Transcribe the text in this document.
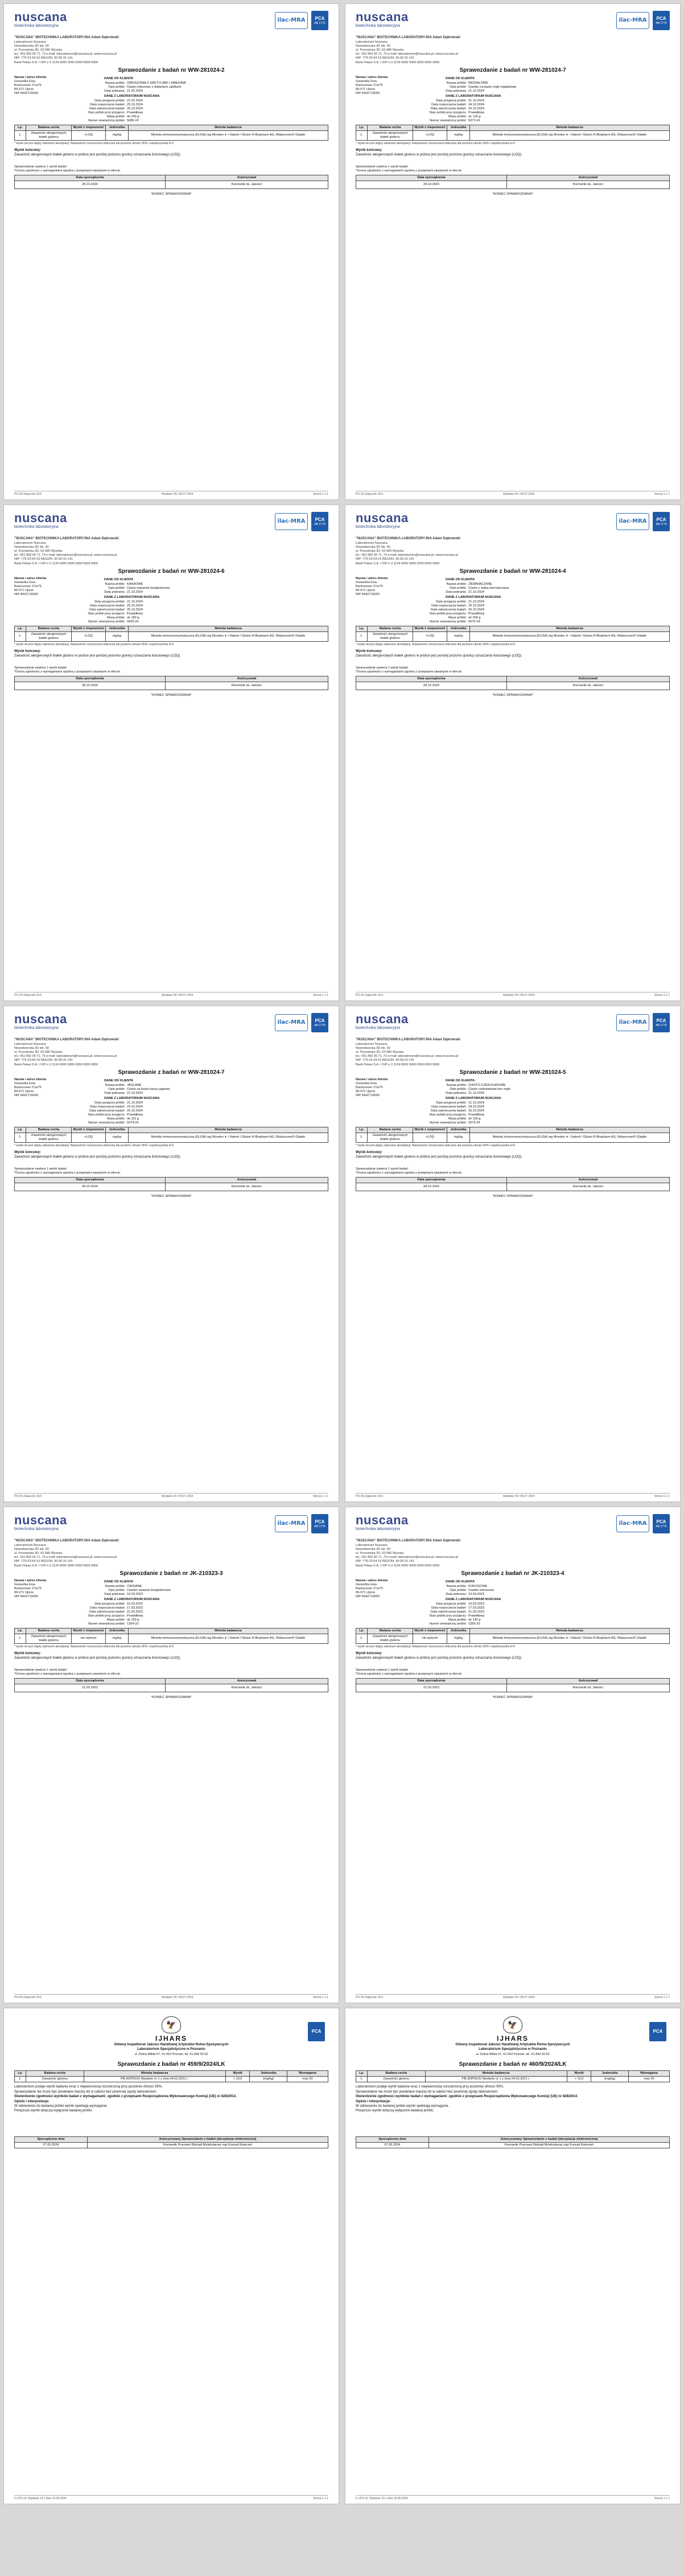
nuscana
biotechnika laboratoryjna
ilac-MRA	PCA
AB 1779
"NUSCANA" BIOTECHNIKA LABORATORYJNA Adam Dąbrowski
Laboratorium Nuscana
Nowodworska 3D lok. 60
ul. Poznańska 3D, 62-080 Wysoka
tel.: 061 892 00 71, 73 e-mail: laboratorium@nuscana.pl, www.nuscana.pl
NIP: 779-23-64-15 REGON: 30-00-31-141
Bank Pekao S.A. I O/P-n 3 1124 6000 0000 0000 0000 0000
Sprawozdanie z badań nr WW-281024-2
Nazwa i adres klienta
Gwiazdka Ewa
Bartoszewo 27a/75
89-071 Ujście
NIP 8442716690
DANE OD KLIENTA
Nazwa próbki: ORKISZOWA Z DAKTYLAMI I JABŁKAMI
Opis próbki: Ciasto orkiszowe z daktylami, jabłkami
Data pobrania: 21.02.2024
DANE Z LABORATORIUM NUSCANA
Data przyjęcia próbki: 21.02.2024
Data rozpoczęcia badań: 25.10.2024
Data zakończenia badań: 25.10.2024
Stan próbki przy przyjęciu: Prawidłowy
Masa próbki: ok 290 g
Numer zewnętrzny próbki: 5086-24
Lp.	Badana cecha	Wynik ± niepewność	Jednostka	Metoda badawcza
1.	Zawartość alergenowych białek glutenu	<LOQ	mg/kg	Metoda immunoenzymatyczna (ELISA) wg Morales ∗ i Valenti / Gluten R-Biopharm AG, Ridascreen® Gliadin
* wynik nie jest objęty zakresem akredytacji. Niepewność rozszerzona obliczona dla poziomu ufności 95% i współczynnika k=2.
Wynik końcowy:
Zawartość alergenowych białek glutenu w próbce jest poniżej poziomu granicy oznaczania ilościowego (LOQ).
Sprawozdanie zawiera 1 wynik badań
*Ocena zgodności z wymaganiami zgodna z przepisami zawartymi w ofercie.
Data sporządzenia	Autoryzował
28.10.2024	Kierownik ds. Jakości
*KONIEC SPRAWOZDANIA*
PO-03 Załącznik 18.6	Wydanie 04 / 08.07.2024	Strona 1 z 1
nuscana
biotechnika laboratoryjna
ilac-MRA	PCA
AB 1779
"NUSCANA" BIOTECHNIKA LABORATORYJNA Adam Dąbrowski
Laboratorium Nuscana
Nowodworska 3D lok. 60
ul. Poznańska 3D, 62-080 Wysoka
tel.: 061 892 00 71, 73 e-mail: laboratorium@nuscana.pl, www.nuscana.pl
NIP: 779-23-64-15 REGON: 30-00-31-141
Bank Pekao S.A. I O/P-n 3 1124 6000 0000 0000 0000 0000
Sprawozdanie z badań nr WW-281024-7
Nazwa i adres klienta
Gwiazdka Ewa
Bartoszewo 27a/75
89-071 Ujście
NIP 8442716690
DANE OD KLIENTA
Nazwa próbki: MIGDAŁOWE
Opis próbki: Ciastko na bazie mąki migdałowej
Data pobrania: 21.10.2024
DANE Z LABORATORIUM NUSCANA
Data przyjęcia próbki: 21.10.2024
Data rozpoczęcia badań: 24.10.2024
Data zakończenia badań: 25.10.2024
Stan próbki przy przyjęciu: Prawidłowy
Masa próbki: ok 120 g
Numer zewnętrzny próbki: 5072-24
Lp.	Badana cecha	Wynik ± niepewność	Jednostka	Metoda badawcza
1.	Zawartość alergenowych białek glutenu	<LOQ	mg/kg	Metoda immunoenzymatyczna (ELISA) wg Morales ∗ i Valenti / Gluten R-Biopharm AG, Ridascreen® Gliadin
* wynik nie jest objęty zakresem akredytacji. Niepewność rozszerzona obliczona dla poziomu ufności 95% i współczynnika k=2.
Wynik końcowy:
Zawartość alergenowych białek glutenu w próbce jest poniżej poziomu granicy oznaczania ilościowego (LOQ).
Sprawozdanie zawiera 1 wynik badań
*Ocena zgodności z wymaganiami zgodna z przepisami zawartymi w ofercie.
Data sporządzenia	Autoryzował
28.10.2024	Kierownik ds. Jakości
*KONIEC SPRAWOZDANIA*
PO-03 Załącznik 18.6	Wydanie 04 / 08.07.2024	Strona 1 z 1
nuscana
biotechnika laboratoryjna
ilac-MRA	PCA
AB 1779
"NUSCANA" BIOTECHNIKA LABORATORYJNA Adam Dąbrowski
Laboratorium Nuscana
Nowodworska 3D lok. 60
ul. Poznańska 3D, 62-080 Wysoka
tel.: 061 892 00 71, 73 e-mail: laboratorium@nuscana.pl, www.nuscana.pl
NIP: 779-23-64-15 REGON: 30-00-31-141
Bank Pekao S.A. I O/P-n 3 1124 6000 0000 0000 0000 0000
Sprawozdanie z badań nr WW-281024-6
Nazwa i adres klienta
Gwiazdka Ewa
Bartoszewo 27a/75
89-071 Ujście
NIP 8442716690
DANE OD KLIENTA
Nazwa próbki: KAKAOWE
Opis próbki: Ciasto kakaowe bezglutenowe
Data pobrania: 21.10.2024
DANE Z LABORATORIUM NUSCANA
Data przyjęcia próbki: 21.10.2024
Data rozpoczęcia badań: 25.10.2024
Data zakończenia badań: 25.10.2024
Stan próbki przy przyjęciu: Prawidłowy
Masa próbki: ok 180 g
Numer zewnętrzny próbki: 5069-24
Lp.	Badana cecha	Wynik ± niepewność	Jednostka	Metoda badawcza
1.	Zawartość alergenowych białek glutenu	<LOQ	mg/kg	Metoda immunoenzymatyczna (ELISA) wg Morales ∗ i Valenti / Gluten R-Biopharm AG, Ridascreen® Gliadin
* wynik nie jest objęty zakresem akredytacji. Niepewność rozszerzona obliczona dla poziomu ufności 95% i współczynnika k=2.
Wynik końcowy:
Zawartość alergenowych białek glutenu w próbce jest poniżej poziomu granicy oznaczania ilościowego (LOQ).
Sprawozdanie zawiera 1 wynik badań
*Ocena zgodności z wymaganiami zgodna z przepisami zawartymi w ofercie.
Data sporządzenia	Autoryzował
28.10.2024	Kierownik ds. Jakości
*KONIEC SPRAWOZDANIA*
PO-03 Załącznik 18.6	Wydanie 04 / 08.07.2024	Strona 1 z 1
nuscana
biotechnika laboratoryjna
ilac-MRA	PCA
AB 1779
"NUSCANA" BIOTECHNIKA LABORATORYJNA Adam Dąbrowski
Laboratorium Nuscana
Nowodworska 3D lok. 60
ul. Poznańska 3D, 62-080 Wysoka
tel.: 061 892 00 71, 73 e-mail: laboratorium@nuscana.pl, www.nuscana.pl
NIP: 779-23-64-15 REGON: 30-00-31-141
Bank Pekao S.A. I O/P-n 3 1124 6000 0000 0000 0000 0000
Sprawozdanie z badań nr WW-281024-4
Nazwa i adres klienta
Gwiazdka Ewa
Bartoszewo 27a/75
89-071 Ujście
NIP 8442716690
DANE OD KLIENTA
Nazwa próbki: ZIEMNIACZANE
Opis próbki: Ciasto z mąką ziemniaczaną
Data pobrania: 21.10.2024
DANE Z LABORATORIUM NUSCANA
Data przyjęcia próbki: 21.10.2024
Data rozpoczęcia badań: 25.10.2024
Data zakończenia badań: 25.10.2024
Stan próbki przy przyjęciu: Prawidłowy
Masa próbki: ok 200 g
Numer zewnętrzny próbki: 5076-24
Lp.	Badana cecha	Wynik ± niepewność	Jednostka	Metoda badawcza
1.	Zawartość alergenowych białek glutenu	<LOQ	mg/kg	Metoda immunoenzymatyczna (ELISA) wg Morales ∗ i Valenti / Gluten R-Biopharm AG, Ridascreen® Gliadin
* wynik nie jest objęty zakresem akredytacji. Niepewność rozszerzona obliczona dla poziomu ufności 95% i współczynnika k=2.
Wynik końcowy:
Zawartość alergenowych białek glutenu w próbce jest poniżej poziomu granicy oznaczania ilościowego (LOQ).
Sprawozdanie zawiera 1 wynik badań
*Ocena zgodności z wymaganiami zgodna z przepisami zawartymi w ofercie.
Data sporządzenia	Autoryzował
28.10.2024	Kierownik ds. Jakości
*KONIEC SPRAWOZDANIA*
PO-03 Załącznik 18.6	Wydanie 04 / 08.07.2024	Strona 1 z 1
nuscana
biotechnika laboratoryjna
ilac-MRA	PCA
AB 1779
"NUSCANA" BIOTECHNIKA LABORATORYJNA Adam Dąbrowski
Laboratorium Nuscana
Nowodworska 3D lok. 60
ul. Poznańska 3D, 62-080 Wysoka
tel.: 061 892 00 71, 73 e-mail: laboratorium@nuscana.pl, www.nuscana.pl
NIP: 779-23-64-15 REGON: 30-00-31-141
Bank Pekao S.A. I O/P-n 3 1124 6000 0000 0000 0000 0000
Sprawozdanie z badań nr WW-281024-7
Nazwa i adres klienta
Gwiazdka Ewa
Bartoszewo 27a/75
89-071 Ujście
NIP 8442716690
DANE OD KLIENTA
Nazwa próbki: JAGLANE
Opis próbki: Ciasto na bazie kaszy jaglanej
Data pobrania: 21.10.2024
DANE Z LABORATORIUM NUSCANA
Data przyjęcia próbki: 21.10.2024
Data rozpoczęcia badań: 24.10.2024
Data zakończenia badań: 25.10.2024
Stan próbki przy przyjęciu: Prawidłowy
Masa próbki: ok 110 g
Numer zewnętrzny próbki: 5074-24
Lp.	Badana cecha	Wynik ± niepewność	Jednostka	Metoda badawcza
1.	Zawartość alergenowych białek glutenu	<LOQ	mg/kg	Metoda immunoenzymatyczna (ELISA) wg Morales ∗ i Valenti / Gluten R-Biopharm AG, Ridascreen® Gliadin
* wynik nie jest objęty zakresem akredytacji. Niepewność rozszerzona obliczona dla poziomu ufności 95% i współczynnika k=2.
Wynik końcowy:
Zawartość alergenowych białek glutenu w próbce jest poniżej poziomu granicy oznaczania ilościowego (LOQ).
Sprawozdanie zawiera 1 wynik badań
*Ocena zgodności z wymaganiami zgodna z przepisami zawartymi w ofercie.
Data sporządzenia	Autoryzował
28.10.2024	Kierownik ds. Jakości
*KONIEC SPRAWOZDANIA*
PO-03 Załącznik 18.6	Wydanie 04 / 08.07.2024	Strona 1 z 1
nuscana
biotechnika laboratoryjna
ilac-MRA	PCA
AB 1779
"NUSCANA" BIOTECHNIKA LABORATORYJNA Adam Dąbrowski
Laboratorium Nuscana
Nowodworska 3D lok. 60
ul. Poznańska 3D, 62-080 Wysoka
tel.: 061 892 00 71, 73 e-mail: laboratorium@nuscana.pl, www.nuscana.pl
NIP: 779-23-64-15 REGON: 30-00-31-141
Bank Pekao S.A. I O/P-n 3 1124 6000 0000 0000 0000 0000
Sprawozdanie z badań nr WW-281024-5
Nazwa i adres klienta
Gwiazdka Ewa
Bartoszewo 27a/75
89-071 Ujście
NIP 8442716690
DANE OD KLIENTA
Nazwa próbki: CIASTO CZEKOLADOWE
Opis próbki: Ciasto czekoladowe bez mąki
Data pobrania: 21.10.2024
DANE Z LABORATORIUM NUSCANA
Data przyjęcia próbki: 21.10.2024
Data rozpoczęcia badań: 24.10.2024
Data zakończenia badań: 25.10.2024
Stan próbki przy przyjęciu: Prawidłowy
Masa próbki: ok 130 g
Numer zewnętrzny próbki: 5075-24
Lp.	Badana cecha	Wynik ± niepewność	Jednostka	Metoda badawcza
1.	Zawartość alergenowych białek glutenu	<LOQ	mg/kg	Metoda immunoenzymatyczna (ELISA) wg Morales ∗ i Valenti / Gluten R-Biopharm AG, Ridascreen® Gliadin
* wynik nie jest objęty zakresem akredytacji. Niepewność rozszerzona obliczona dla poziomu ufności 95% i współczynnika k=2.
Wynik końcowy:
Zawartość alergenowych białek glutenu w próbce jest poniżej poziomu granicy oznaczania ilościowego (LOQ).
Sprawozdanie zawiera 1 wynik badań
*Ocena zgodności z wymaganiami zgodna z przepisami zawartymi w ofercie.
Data sporządzenia	Autoryzował
28.10.2024	Kierownik ds. Jakości
*KONIEC SPRAWOZDANIA*
PO-03 Załącznik 18.6	Wydanie 04 / 08.07.2024	Strona 1 z 1
nuscana
biotechnika laboratoryjna
ilac-MRA	PCA
AB 1779
"NUSCANA" BIOTECHNIKA LABORATORYJNA Adam Dąbrowski
Laboratorium Nuscana
Nowodworska 3D lok. 60
ul. Poznańska 3D, 62-080 Wysoka
tel.: 061 892 00 71, 73 e-mail: laboratorium@nuscana.pl, www.nuscana.pl
NIP: 779-23-64-15 REGON: 30-00-31-141
Bank Pekao S.A. I O/P-n 3 1124 6000 0000 0000 0000 0000
Sprawozdanie z badań nr JK-210323-3
Nazwa i adres klienta
Gwiazdka Ewa
Bartoszewo 27a/75
89-071 Ujście
NIP 8442716690
DANE OD KLIENTA
Nazwa próbki: OWSIANE
Opis próbki: Ciastko owsiane bezglutenowe
Data pobrania: 10.03.2023
DANE Z LABORATORIUM NUSCANA
Data przyjęcia próbki: 10.03.2023
Data rozpoczęcia badań: 17.03.2023
Data zakończenia badań: 21.03.2023
Stan próbki przy przyjęciu: Prawidłowy
Masa próbki: ok 150 g
Numer zewnętrzny próbki: 1264-23
Lp.	Badana cecha	Wynik ± niepewność	Jednostka	Metoda badawcza
1.	Zawartość alergenowych białek glutenu	nie wykryto	mg/kg	Metoda immunoenzymatyczna (ELISA) wg Morales ∗ i Valenti / Gluten R-Biopharm AG, Ridascreen® Gliadin
* wynik nie jest objęty zakresem akredytacji. Niepewność rozszerzona obliczona dla poziomu ufności 95% i współczynnika k=2.
Wynik końcowy:
Zawartość alergenowych białek glutenu w próbce jest poniżej poziomu granicy oznaczania ilościowego (LOQ).
Sprawozdanie zawiera 1 wynik badań
*Ocena zgodności z wymaganiami zgodna z przepisami zawartymi w ofercie.
Data sporządzenia	Autoryzował
21.03.2023	Kierownik ds. Jakości
*KONIEC SPRAWOZDANIA*
PO-03 Załącznik 18.6	Wydanie 04 / 08.07.2024	Strona 1 z 1
nuscana
biotechnika laboratoryjna
ilac-MRA	PCA
AB 1779
"NUSCANA" BIOTECHNIKA LABORATORYJNA Adam Dąbrowski
Laboratorium Nuscana
Nowodworska 3D lok. 60
ul. Poznańska 3D, 62-080 Wysoka
tel.: 061 892 00 71, 73 e-mail: laboratorium@nuscana.pl, www.nuscana.pl
NIP: 779-23-64-15 REGON: 30-00-31-141
Bank Pekao S.A. I O/P-n 3 1124 6000 0000 0000 0000 0000
Sprawozdanie z badań nr JK-210323-4
Nazwa i adres klienta
Gwiazdka Ewa
Bartoszewo 27a/75
89-071 Ujście
NIP 8442716690
DANE OD KLIENTA
Nazwa próbki: KOKOSOWE
Opis próbki: Ciastko kokosowe
Data pobrania: 10.03.2023
DANE Z LABORATORIUM NUSCANA
Data przyjęcia próbki: 10.03.2023
Data rozpoczęcia badań: 17.03.2023
Data zakończenia badań: 21.03.2023
Stan próbki przy przyjęciu: Prawidłowy
Masa próbki: ok 140 g
Numer zewnętrzny próbki: 1265-23
Lp.	Badana cecha	Wynik ± niepewność	Jednostka	Metoda badawcza
1.	Zawartość alergenowych białek glutenu	nie wykryto	mg/kg	Metoda immunoenzymatyczna (ELISA) wg Morales ∗ i Valenti / Gluten R-Biopharm AG, Ridascreen® Gliadin
* wynik nie jest objęty zakresem akredytacji. Niepewność rozszerzona obliczona dla poziomu ufności 95% i współczynnika k=2.
Wynik końcowy:
Zawartość alergenowych białek glutenu w próbce jest poniżej poziomu granicy oznaczania ilościowego (LOQ).
Sprawozdanie zawiera 1 wynik badań
*Ocena zgodności z wymaganiami zgodna z przepisami zawartymi w ofercie.
Data sporządzenia	Autoryzował
21.03.2023	Kierownik ds. Jakości
*KONIEC SPRAWOZDANIA*
PO-03 Załącznik 18.6	Wydanie 04 / 08.07.2024	Strona 1 z 1
🦅
IJHARS
Główny Inspektorat Jakości Handlowej Artykułów Rolno-Spożywczych
Laboratorium Specjalistyczne w Poznaniu
ul. Dolna Wilda 67, 61-552 Poznań, tel. 61 843 93 50
PCA
Sprawozdanie z badań nr 459/9/2024/LK
Lp.	Badana cecha	Metoda badawcza	Wynik	Jednostka	Wymagania
1.	Zawartość glutenu	PB-30/PDUS/ Wydanie nr 1 z dnia 04.02.2021 r.	< 10,0	[mg/kg]	max 20

Laboratorium podaje wynik badania wraz z niepewnością rozszerzoną przy poziomie ufności 95%.

Sprawozdanie nie może być powielane inaczej niż w całości bez pisemnej zgody laboratorium.

Stwierdzenie zgodności wyników badań z wymaganiami: zgodnie z przepisami Rozporządzenia Wykonawczego Komisji (UE) nr 828/2014.

Opinie i interpretacje:

W odniesieniu do badanej próbki wyniki spełniają wymagania.

Powyższe wyniki dotyczą wyłącznie badanej próbki.

Sporządzono dnia	Autoryzowany Sprawozdanie z badań (akceptacja elektroniczna)
07.05.2024	Kierownik Pracowni Biologii Molekularnej mgr Konrad Kwiecień
F-LPS-16, Wydanie 13 z dnia 19.06.2024	Strona 1 z 1
🦅
IJHARS
Główny Inspektorat Jakości Handlowej Artykułów Rolno-Spożywczych
Laboratorium Specjalistyczne w Poznaniu
ul. Dolna Wilda 67, 61-552 Poznań, tel. 61 843 93 50
PCA
Sprawozdanie z badań nr 460/9/2024/LK
Lp.	Badana cecha	Metoda badawcza	Wynik	Jednostka	Wymagania
1.	Zawartość glutenu	PB-30/PDUS/ Wydanie nr 1 z dnia 04.02.2021 r.	< 10,0	[mg/kg]	max 20

Laboratorium podaje wynik badania wraz z niepewnością rozszerzoną przy poziomie ufności 95%.

Sprawozdanie nie może być powielane inaczej niż w całości bez pisemnej zgody laboratorium.

Stwierdzenie zgodności wyników badań z wymaganiami: zgodnie z przepisami Rozporządzenia Wykonawczego Komisji (UE) nr 828/2014.

Opinie i interpretacje:

W odniesieniu do badanej próbki wyniki spełniają wymagania.

Powyższe wyniki dotyczą wyłącznie badanej próbki.

Sporządzono dnia	Autoryzowany Sprawozdanie z badań (akceptacja elektroniczna)
07.05.2024	Kierownik Pracowni Biologii Molekularnej mgr Konrad Kwiecień
F-LPS-16, Wydanie 13 z dnia 19.06.2024	Strona 1 z 1
